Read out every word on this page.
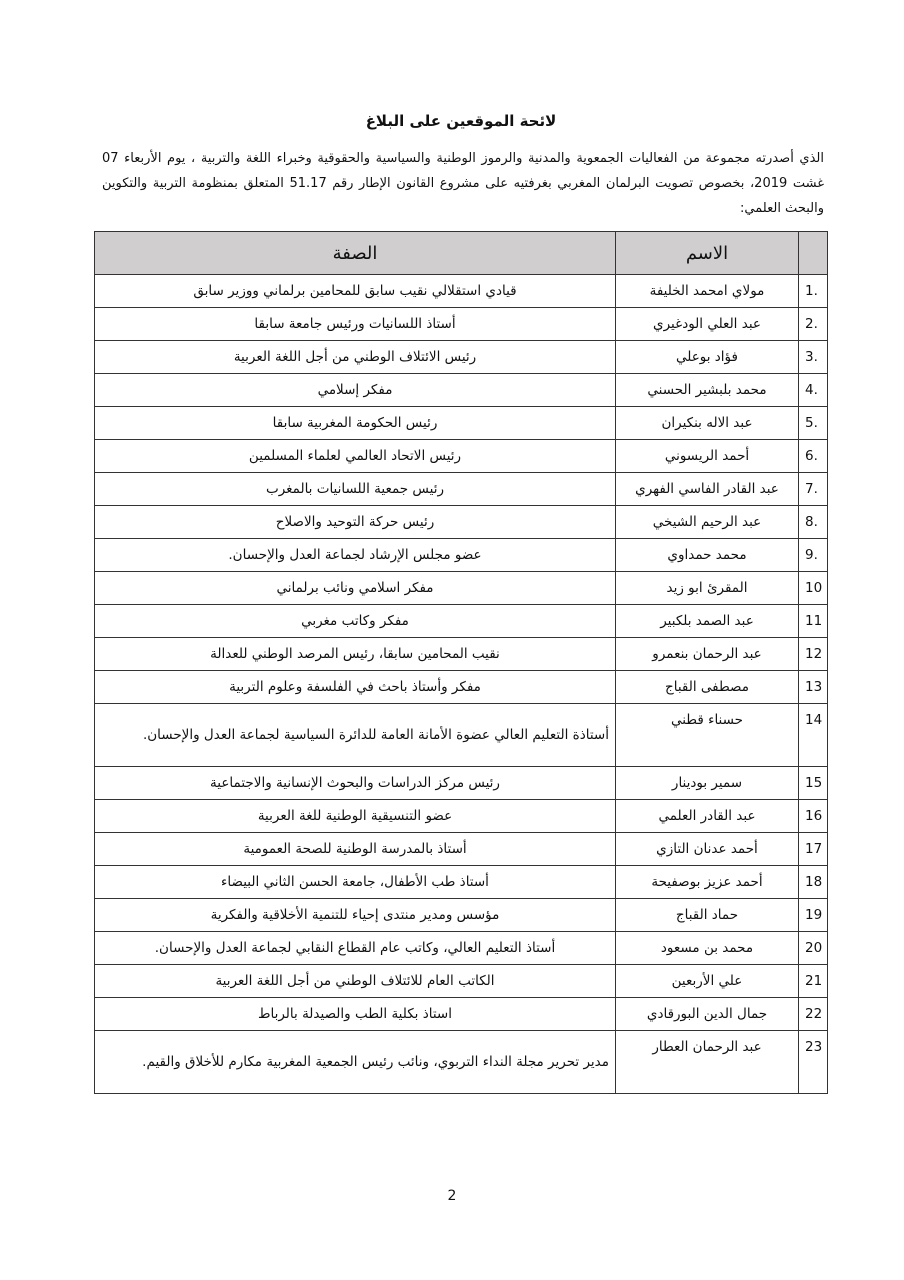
لائحة الموقعين على البلاغ
الذي أصدرته مجموعة من الفعاليات الجمعوية والمدنية والرموز الوطنية والسياسية والحقوقية وخبراء اللغة والتربية ، يوم الأربعاء 07 غشت 2019، بخصوص تصويت البرلمان المغربي بغرفتيه على مشروع القانون الإطار رقم 51.17 المتعلق بمنظومة التربية والتكوين والبحث العلمي:
	الاسم	الصفة
1.	مولاي امحمد الخليفة	قيادي استقلالي نقيب سابق للمحامين برلماني ووزير سابق
2.	عبد العلي الودغيري	أستاذ اللسانيات ورئيس جامعة سابقا
3.	فؤاد بوعلي	رئيس الائتلاف الوطني من أجل اللغة العربية
4.	محمد بلبشير الحسني	مفكر إسلامي
5.	عبد الاله بنكيران	رئيس الحكومة المغربية سابقا
6.	أحمد الريسوني	رئيس الاتحاد العالمي لعلماء المسلمين
7.	عبد القادر الفاسي الفهري	رئيس جمعية اللسانيات بالمغرب
8.	عبد الرحيم الشيخي	رئيس حركة التوحيد والاصلاح
9.	محمد حمداوي	عضو مجلس الإرشاد لجماعة العدل والإحسان.
10	المقرئ ابو زيد	مفكر اسلامي ونائب برلماني
11	عبد الصمد بلكبير	مفكر وكاتب مغربي
12	عبد الرحمان بنعمرو	نقيب المحامين سابقا، رئيس المرصد الوطني للعدالة
13	مصطفى القباج	مفكر وأستاذ باحث في الفلسفة وعلوم التربية
14	حسناء قطني	أستاذة التعليم العالي عضوة الأمانة العامة للدائرة السياسية لجماعة العدل والإحسان.
15	سمير بودينار	رئيس مركز الدراسات والبحوث الإنسانية والاجتماعية
16	عبد القادر العلمي	عضو التنسيقية الوطنية للغة العربية
17	أحمد عدنان التازي	أستاذ بالمدرسة الوطنية للصحة العمومية
18	أحمد عزيز بوصفيحة	أستاذ طب الأطفال، جامعة الحسن الثاني البيضاء
19	حماد القباج	مؤسس ومدير منتدى إحياء للتنمية الأخلاقية والفكرية
20	محمد بن مسعود	أستاذ التعليم العالي، وكاتب عام القطاع النقابي لجماعة العدل والإحسان.
21	علي الأربعين	الكاتب العام للائتلاف الوطني من أجل اللغة العربية
22	جمال الدين البورقادي	استاذ بكلية الطب والصيدلة بالرباط
23	عبد الرحمان العطار	مدير تحرير مجلة النداء التربوي، ونائب رئيس الجمعية المغربية مكارم للأخلاق والقيم.
2
